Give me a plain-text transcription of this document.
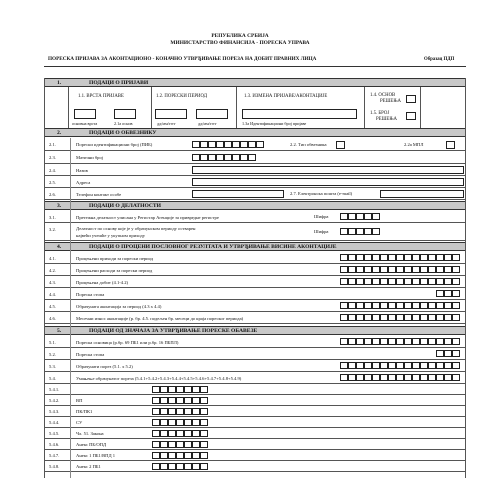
РЕПУБЛИКА СРБИЈА
МИНИСТАРСТВО ФИНАНСИЈА - ПОРЕСКА УПРАВА
ПОРЕСКА ПРИЈАВА ЗА АКОНТАЦИОНО - КОНАЧНО УТВРЂИВАЊЕ ПОРЕЗА НА ДОБИТ ПРАВНИХ ЛИЦА	Образац ПДП
1.	ПОДАЦИ О ПРИЈАВИ
1.1. ВРСТА ПРИЈАВЕ	1.2. ПОРЕСКИ ПЕРИОД	1.3. ИЗМЕНА ПРИЈАВЕ/АКОНТАЦИЈЕ	1.4. ОСНОВ
РЕШЕЊА
1.5. БРОЈ
РЕШЕЊА
основна врста	2.1а основ	дд/мм/гггг	дд/мм/гггг	1.3а Идентификациони број пријаве
2.	ПОДАЦИ О ОБВЕЗНИКУ
2.1.	Порески идентификациони број (ПИБ)	2.2. Тип обвезника	2.2а МПЛ
2.3.	Матични број
2.4.	Назив
2.5.	Адреса
2.6.	Телефон контакт особе	2.7. Електронска пошта (e-mail)
3.	ПОДАЦИ О ДЕЛАТНОСТИ
3.1.	Претежна делатност уписана у Регистар Агенције за привредне регистре	Шифра
3.2.	Делатност по основу које је у обрачунском периоду остварен
највећи учешће у укупном приходу
Шифра
4.	ПОДАЦИ О ПРОЦЕНИ ПОСЛОВНОГ РЕЗУЛТАТА И УТВРЂИВАЊЕ ВИСИНЕ АКОНТАЦИЈЕ
4.1.	Процењени приходи за порески период
4.2.	Процењени расходи за порески период
4.3.	Процењена добит (4.1-4.2)
4.4.	Пореска стопа
4.5.	Обрачуната аконтација за период (4.3 x 4.4)
4.6.	Месечни износ аконтације (р. бр. 4.5. подељен бр. месеци до краја пореског периода)
5.	ПОДАЦИ ОД ЗНАЧАЈА ЗА УТВРЂИВАЊЕ ПОРЕСКЕ ОБАВЕЗЕ
5.1.	Пореска основица (р.бр. 69 ПБ1 или р.бр. 16 ПБПЛ)
5.2.	Пореска стопа
5.3.	Обрачунати порез (5.1. x 5.2)
5.4.	Умањење обрачунатог пореза (5.4.1+5.4.2+5.4.3+5.4.4+5.4.5+5.4.6+5.4.7+5.4.8+5.4.9)
5.4.1.
5.4.2.	ВП
5.4.3.	ПК/ПК1
5.4.4.	СУ
5.4.5.	Чл. 51. Закона
5.4.6.	Анекс ПБ/ОПД
5.4.7.	Анекс 1 ПБ1/ВПД 1
5.4.8.	Анекс 2 ПБ1
